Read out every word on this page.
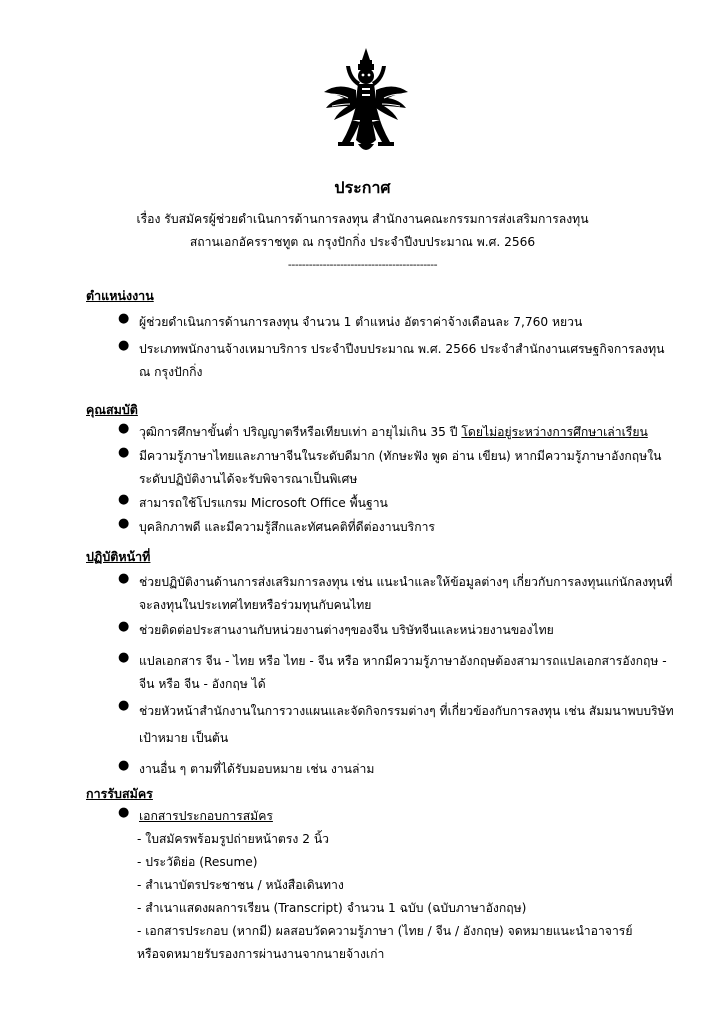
ประกาศ
เรื่อง รับสมัครผู้ช่วยดำเนินการด้านการลงทุน สำนักงานคณะกรรมการส่งเสริมการลงทุน
สถานเอกอัครราชทูต ณ กรุงปักกิ่ง ประจำปีงบประมาณ พ.ศ. 2566
-------------------------------------------
ตำแหน่งงาน
● ผู้ช่วยดำเนินการด้านการลงทุน จำนวน 1 ตำแหน่ง อัตราค่าจ้างเดือนละ 7,760 หยวน
● ประเภทพนักงานจ้างเหมาบริการ ประจำปีงบประมาณ พ.ศ. 2566 ประจำสำนักงานเศรษฐกิจการลงทุน ณ กรุงปักกิ่ง
คุณสมบัติ
● วุฒิการศึกษาขั้นต่ำ ปริญญาตรีหรือเทียบเท่า อายุไม่เกิน 35 ปี โดยไม่อยู่ระหว่างการศึกษาเล่าเรียน
● มีความรู้ภาษาไทยและภาษาจีนในระดับดีมาก (ทักษะฟัง พูด อ่าน เขียน) หากมีความรู้ภาษาอังกฤษในระดับปฏิบัติงานได้จะรับพิจารณาเป็นพิเศษ
● สามารถใช้โปรแกรม Microsoft Office พื้นฐาน
● บุคลิกภาพดี และมีความรู้สึกและทัศนคติที่ดีต่องานบริการ
ปฏิบัติหน้าที่
● ช่วยปฏิบัติงานด้านการส่งเสริมการลงทุน เช่น แนะนำและให้ข้อมูลต่างๆ เกี่ยวกับการลงทุนแก่นักลงทุนที่จะลงทุนในประเทศไทยหรือร่วมทุนกับคนไทย
● ช่วยติดต่อประสานงานกับหน่วยงานต่างๆของจีน บริษัทจีนและหน่วยงานของไทย
● แปลเอกสาร จีน - ไทย หรือ ไทย - จีน หรือ หากมีความรู้ภาษาอังกฤษต้องสามารถแปลเอกสารอังกฤษ - จีน หรือ จีน - อังกฤษ ได้
● ช่วยหัวหน้าสำนักงานในการวางแผนและจัดกิจกรรมต่างๆ ที่เกี่ยวข้องกับการลงทุน เช่น สัมมนาพบบริษัทเป้าหมาย เป็นต้น
● งานอื่น ๆ ตามที่ได้รับมอบหมาย เช่น งานล่าม
การรับสมัคร
● เอกสารประกอบการสมัคร
- ใบสมัครพร้อมรูปถ่ายหน้าตรง 2 นิ้ว
- ประวัติย่อ (Resume)
- สำเนาบัตรประชาชน / หนังสือเดินทาง
- สำเนาแสดงผลการเรียน (Transcript) จำนวน 1 ฉบับ (ฉบับภาษาอังกฤษ)
- เอกสารประกอบ (หากมี) ผลสอบวัดความรู้ภาษา (ไทย / จีน / อังกฤษ) จดหมายแนะนำอาจารย์
หรือจดหมายรับรองการผ่านงานจากนายจ้างเก่า
